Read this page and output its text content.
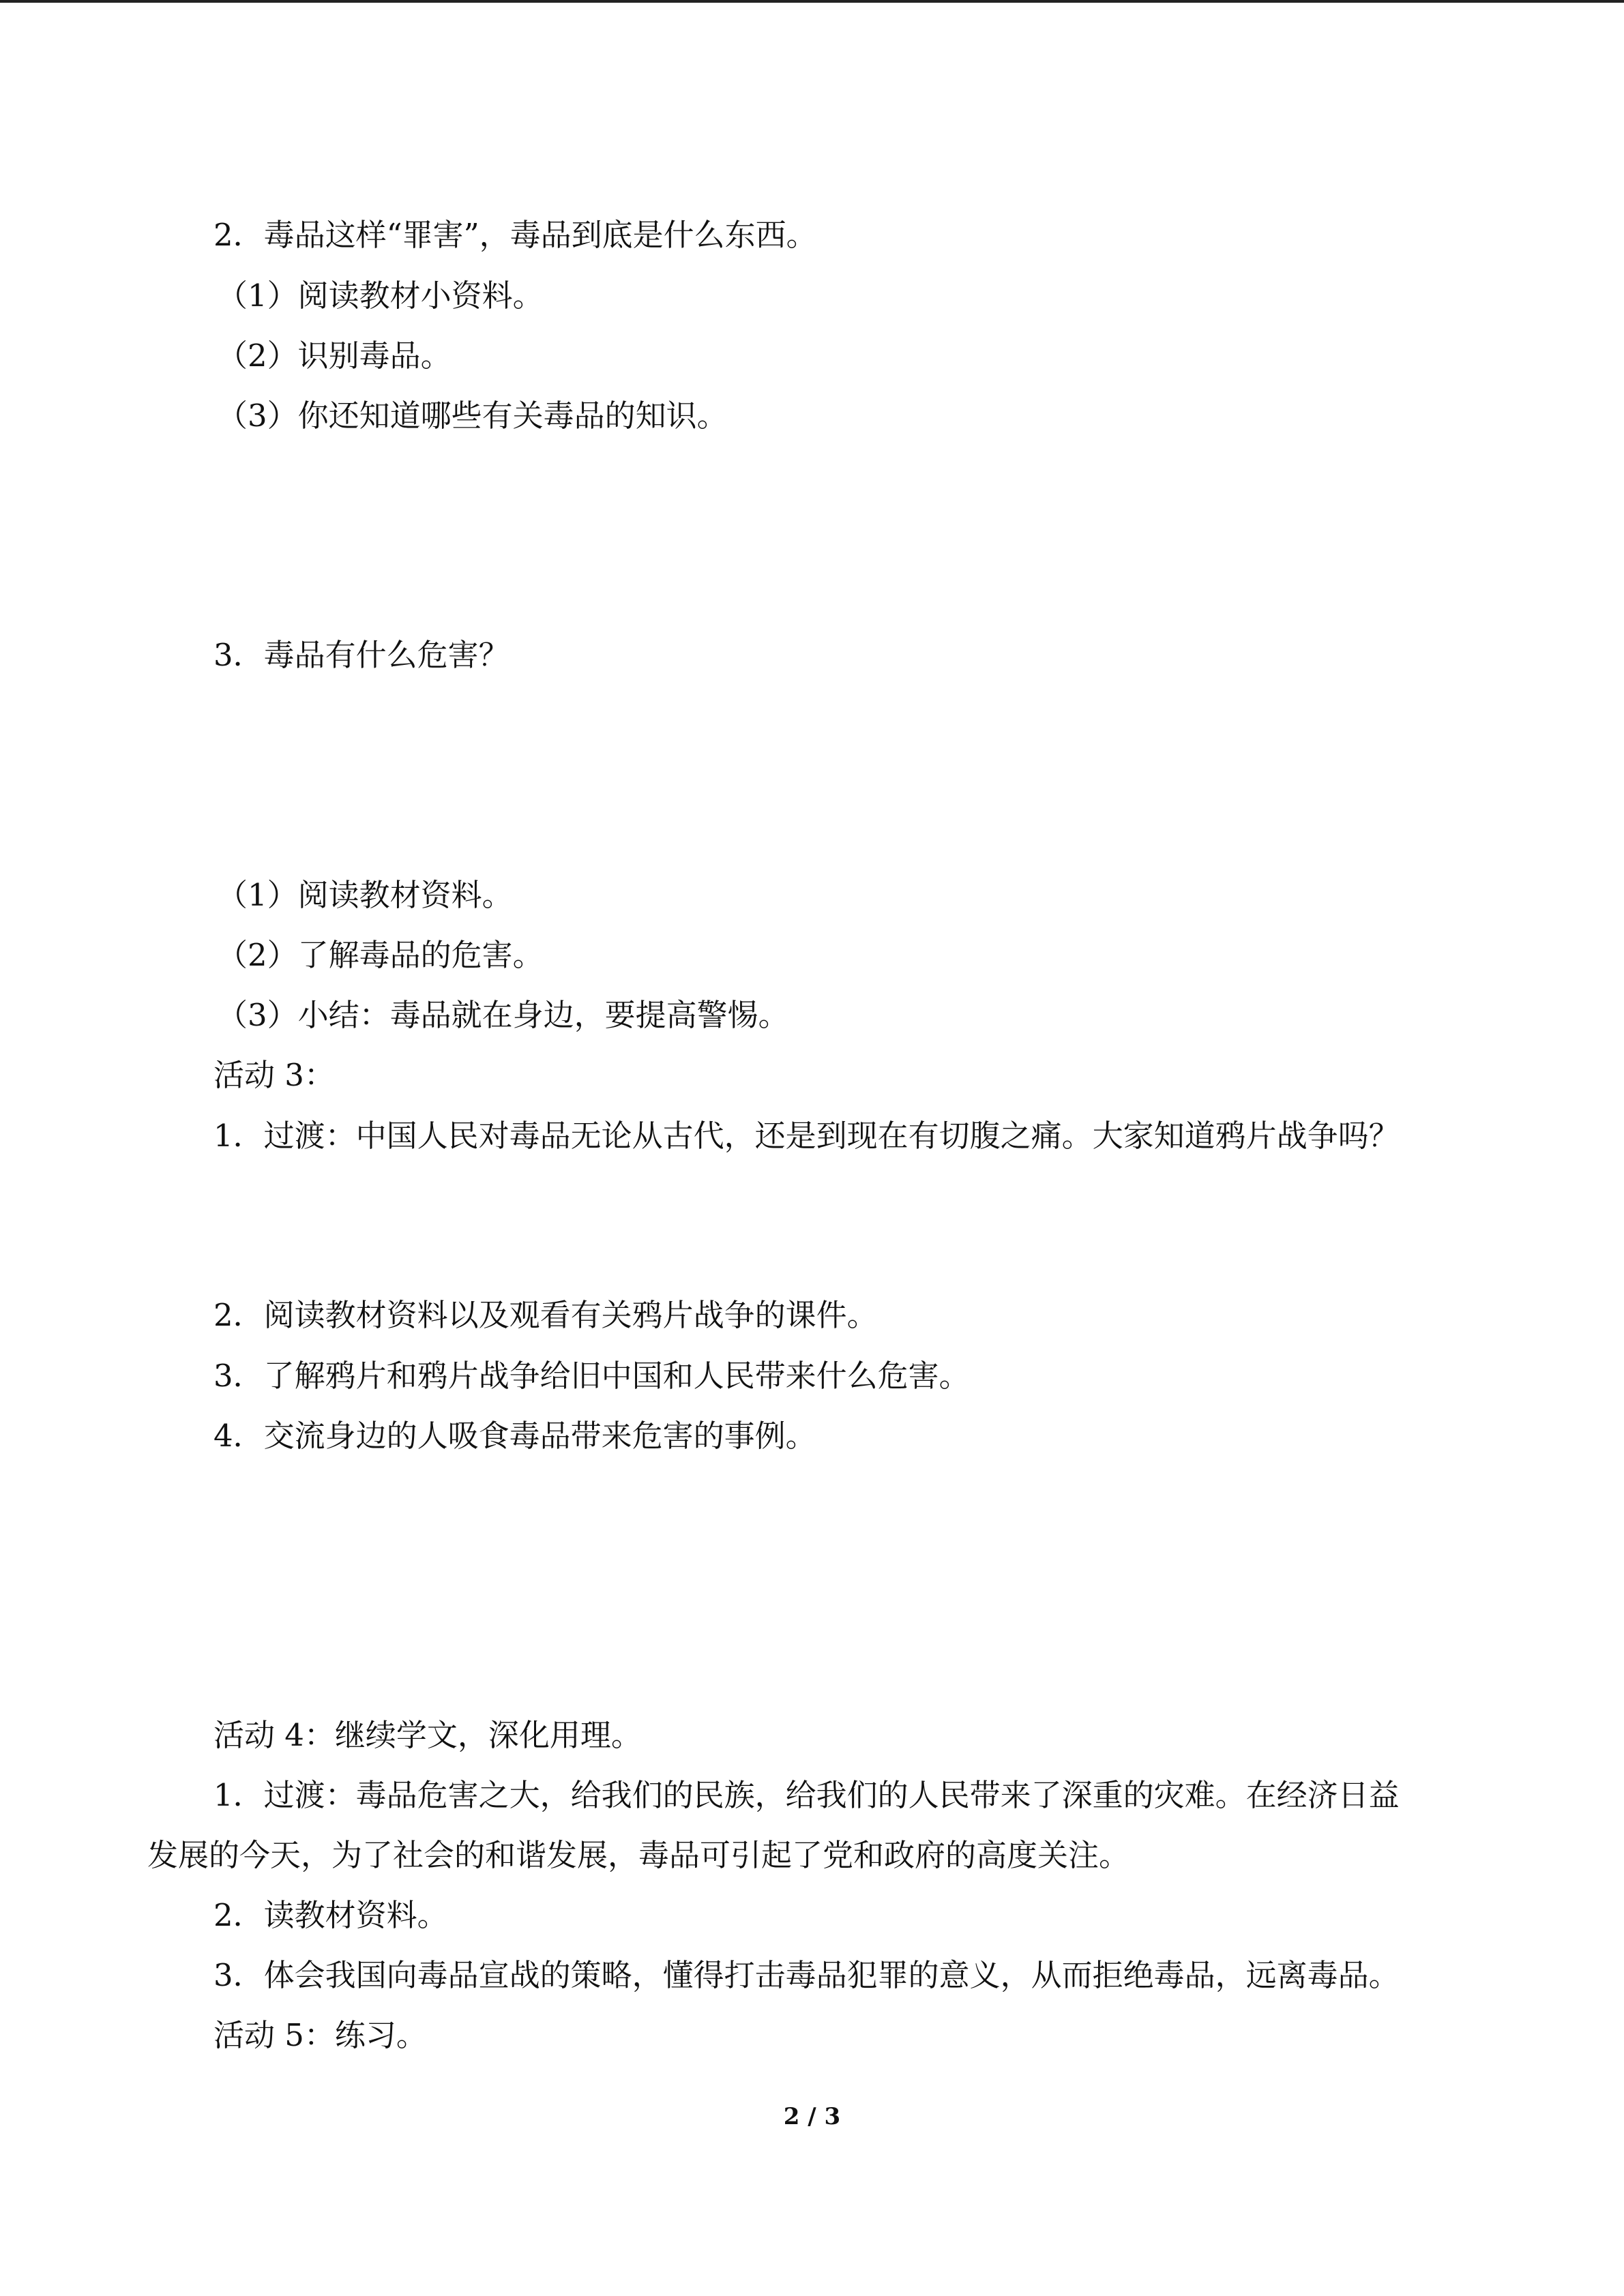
2．毒品这样“罪害”，毒品到底是什么东西。
（1）阅读教材小资料。
（2）识别毒品。
（3）你还知道哪些有关毒品的知识。
3．毒品有什么危害？
（1）阅读教材资料。
（2）了解毒品的危害。
（3）小结：毒品就在身边，要提高警惕。
活动 3：
1．过渡：中国人民对毒品无论从古代，还是到现在有切腹之痛。大家知道鸦片战争吗？
2．阅读教材资料以及观看有关鸦片战争的课件。
3．了解鸦片和鸦片战争给旧中国和人民带来什么危害。
4．交流身边的人吸食毒品带来危害的事例。
活动 4：继续学文，深化用理。
1．过渡：毒品危害之大，给我们的民族，给我们的人民带来了深重的灾难。在经济日益
发展的今天，为了社会的和谐发展，毒品可引起了党和政府的高度关注。
2．读教材资料。
3．体会我国向毒品宣战的策略，懂得打击毒品犯罪的意义，从而拒绝毒品，远离毒品。
活动 5：练习。
2 / 3
